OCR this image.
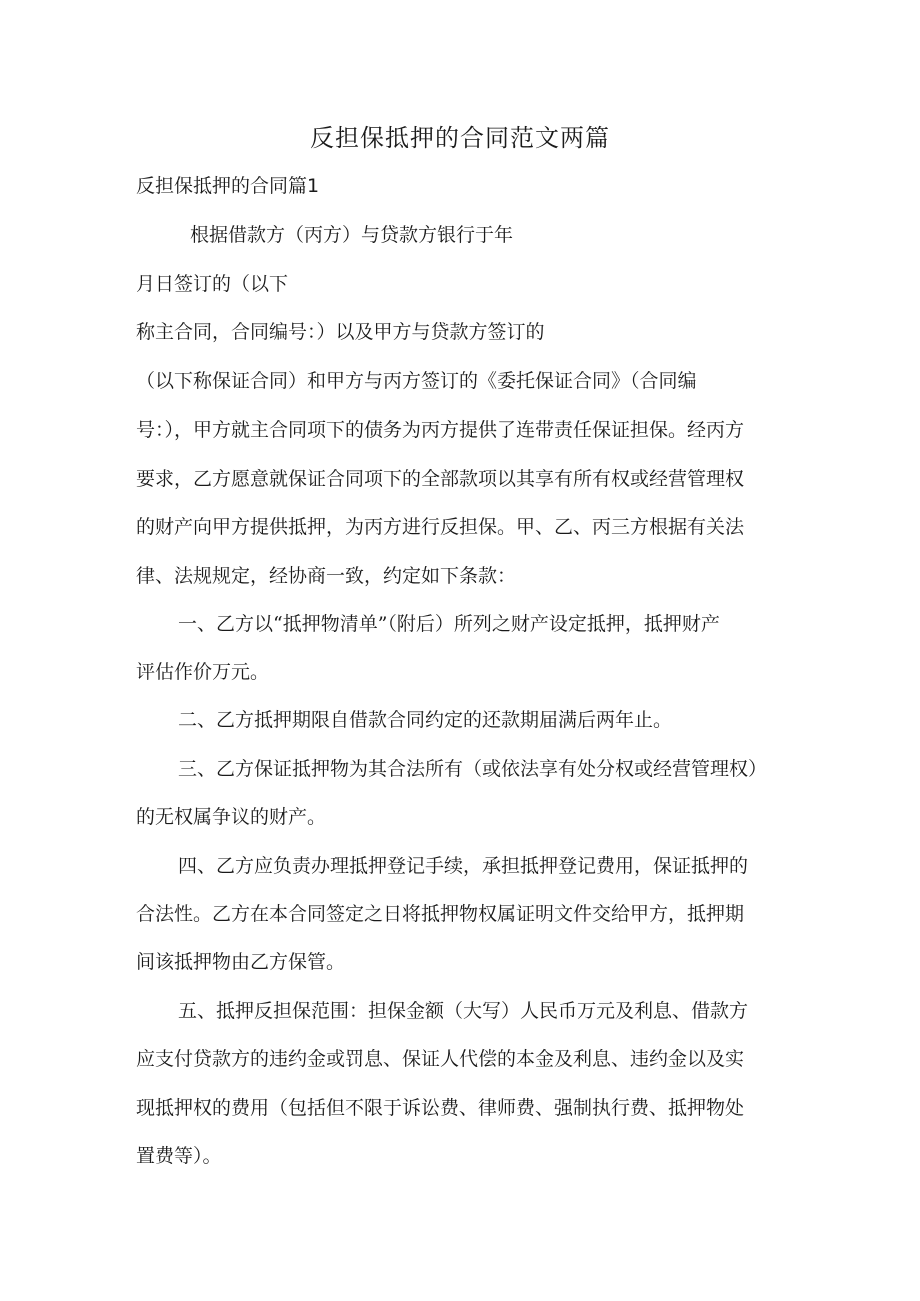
反担保抵押的合同范文两篇
反担保抵押的合同篇1
根据借款方（丙方）与贷款方银行于年
月日签订的（以下
称主合同，合同编号：）以及甲方与贷款方签订的
（以下称保证合同）和甲方与丙方签订的《委托保证合同》（合同编
号：），甲方就主合同项下的债务为丙方提供了连带责任保证担保。经丙方
要求，乙方愿意就保证合同项下的全部款项以其享有所有权或经营管理权
的财产向甲方提供抵押，为丙方进行反担保。甲、乙、丙三方根据有关法
律、法规规定，经协商一致，约定如下条款：
一、乙方以“抵押物清单”（附后）所列之财产设定抵押，抵押财产
评估作价万元。
二、乙方抵押期限自借款合同约定的还款期届满后两年止。
三、乙方保证抵押物为其合法所有（或依法享有处分权或经营管理权）
的无权属争议的财产。
四、乙方应负责办理抵押登记手续，承担抵押登记费用，保证抵押的
合法性。乙方在本合同签定之日将抵押物权属证明文件交给甲方，抵押期
间该抵押物由乙方保管。
五、抵押反担保范围：担保金额（大写）人民币万元及利息、借款方
应支付贷款方的违约金或罚息、保证人代偿的本金及利息、违约金以及实
现抵押权的费用（包括但不限于诉讼费、律师费、强制执行费、抵押物处
置费等）。
